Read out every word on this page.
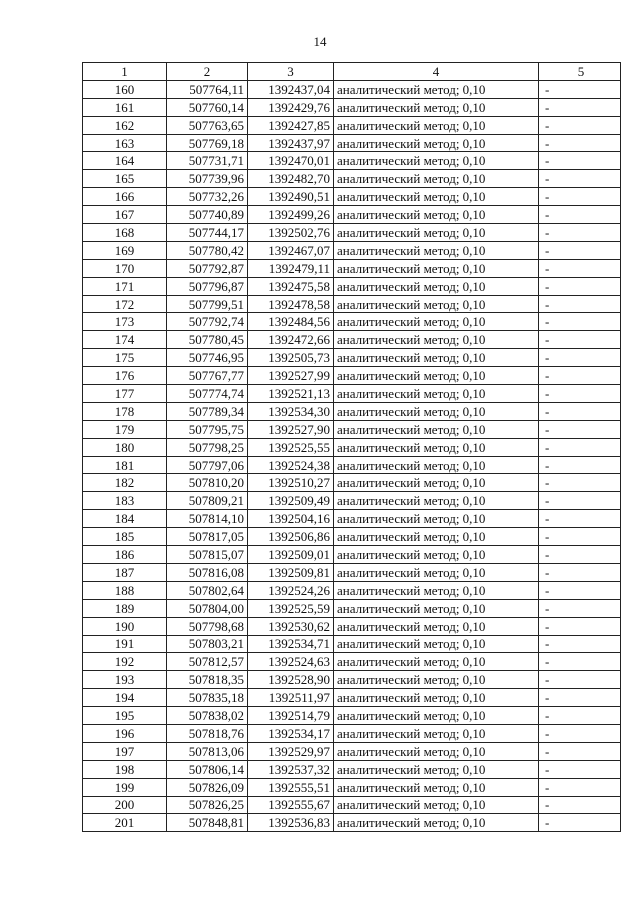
14
1	2	3	4	5
160	507764,11	1392437,04	аналитический метод; 0,10	-
161	507760,14	1392429,76	аналитический метод; 0,10	-
162	507763,65	1392427,85	аналитический метод; 0,10	-
163	507769,18	1392437,97	аналитический метод; 0,10	-
164	507731,71	1392470,01	аналитический метод; 0,10	-
165	507739,96	1392482,70	аналитический метод; 0,10	-
166	507732,26	1392490,51	аналитический метод; 0,10	-
167	507740,89	1392499,26	аналитический метод; 0,10	-
168	507744,17	1392502,76	аналитический метод; 0,10	-
169	507780,42	1392467,07	аналитический метод; 0,10	-
170	507792,87	1392479,11	аналитический метод; 0,10	-
171	507796,87	1392475,58	аналитический метод; 0,10	-
172	507799,51	1392478,58	аналитический метод; 0,10	-
173	507792,74	1392484,56	аналитический метод; 0,10	-
174	507780,45	1392472,66	аналитический метод; 0,10	-
175	507746,95	1392505,73	аналитический метод; 0,10	-
176	507767,77	1392527,99	аналитический метод; 0,10	-
177	507774,74	1392521,13	аналитический метод; 0,10	-
178	507789,34	1392534,30	аналитический метод; 0,10	-
179	507795,75	1392527,90	аналитический метод; 0,10	-
180	507798,25	1392525,55	аналитический метод; 0,10	-
181	507797,06	1392524,38	аналитический метод; 0,10	-
182	507810,20	1392510,27	аналитический метод; 0,10	-
183	507809,21	1392509,49	аналитический метод; 0,10	-
184	507814,10	1392504,16	аналитический метод; 0,10	-
185	507817,05	1392506,86	аналитический метод; 0,10	-
186	507815,07	1392509,01	аналитический метод; 0,10	-
187	507816,08	1392509,81	аналитический метод; 0,10	-
188	507802,64	1392524,26	аналитический метод; 0,10	-
189	507804,00	1392525,59	аналитический метод; 0,10	-
190	507798,68	1392530,62	аналитический метод; 0,10	-
191	507803,21	1392534,71	аналитический метод; 0,10	-
192	507812,57	1392524,63	аналитический метод; 0,10	-
193	507818,35	1392528,90	аналитический метод; 0,10	-
194	507835,18	1392511,97	аналитический метод; 0,10	-
195	507838,02	1392514,79	аналитический метод; 0,10	-
196	507818,76	1392534,17	аналитический метод; 0,10	-
197	507813,06	1392529,97	аналитический метод; 0,10	-
198	507806,14	1392537,32	аналитический метод; 0,10	-
199	507826,09	1392555,51	аналитический метод; 0,10	-
200	507826,25	1392555,67	аналитический метод; 0,10	-
201	507848,81	1392536,83	аналитический метод; 0,10	-
